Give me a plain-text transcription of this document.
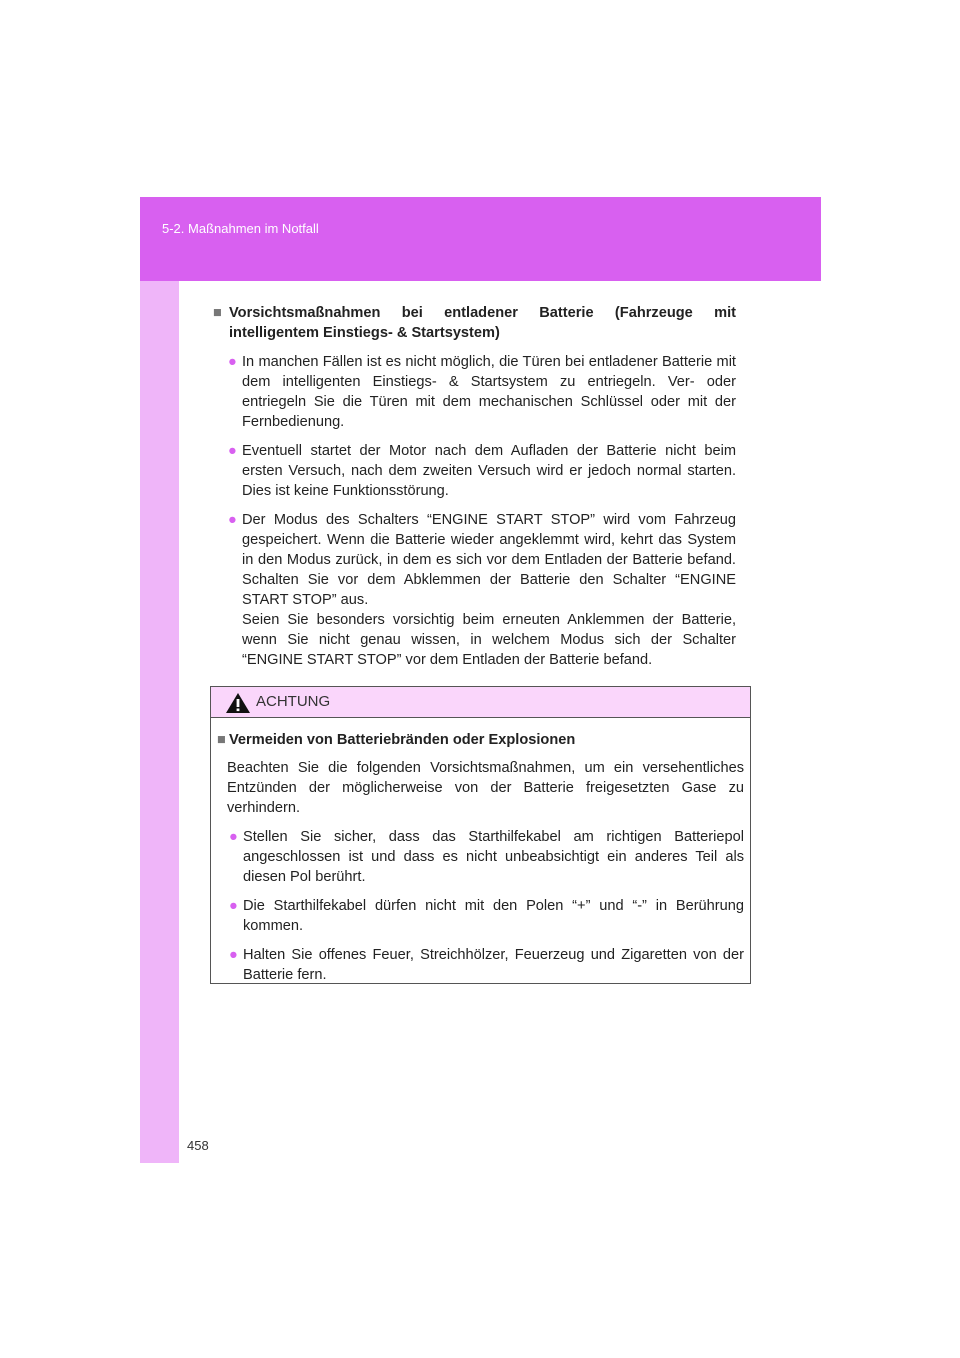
5-2. Maßnahmen im Notfall
458
■ Vorsichtsmaßnahmen bei entladener Batterie (Fahrzeuge mit intelligentem Einstiegs- & Startsystem)
● In manchen Fällen ist es nicht möglich, die Türen bei entladener Batterie mit dem intelligenten Einstiegs- & Startsystem zu entriegeln. Ver- oder entriegeln Sie die Türen mit dem mechanischen Schlüssel oder mit der Fernbedienung.

● Eventuell startet der Motor nach dem Aufladen der Batterie nicht beim ersten Versuch, nach dem zweiten Versuch wird er jedoch normal starten. Dies ist keine Funktionsstörung.

● Der Modus des Schalters “ENGINE START STOP” wird vom Fahrzeug gespeichert. Wenn die Batterie wieder angeklemmt wird, kehrt das System in den Modus zurück, in dem es sich vor dem Entladen der Batterie befand. Schalten Sie vor dem Abklemmen der Batterie den Schalter “ENGINE START STOP” aus.

Seien Sie besonders vorsichtig beim erneuten Anklemmen der Batterie, wenn Sie nicht genau wissen, in welchem Modus sich der Schalter “ENGINE START STOP” vor dem Entladen der Batterie befand.

ACHTUNG
■ Vermeiden von Batteriebränden oder Explosionen

Beachten Sie die folgenden Vorsichtsmaßnahmen, um ein versehentliches Entzünden der möglicherweise von der Batterie freigesetzten Gase zu verhindern.

● Stellen Sie sicher, dass das Starthilfekabel am richtigen Batteriepol angeschlossen ist und dass es nicht unbeabsichtigt ein anderes Teil als diesen Pol berührt.

● Die Starthilfekabel dürfen nicht mit den Polen “+” und “-” in Berührung kommen.

● Halten Sie offenes Feuer, Streichhölzer, Feuerzeug und Zigaretten von der Batterie fern.
